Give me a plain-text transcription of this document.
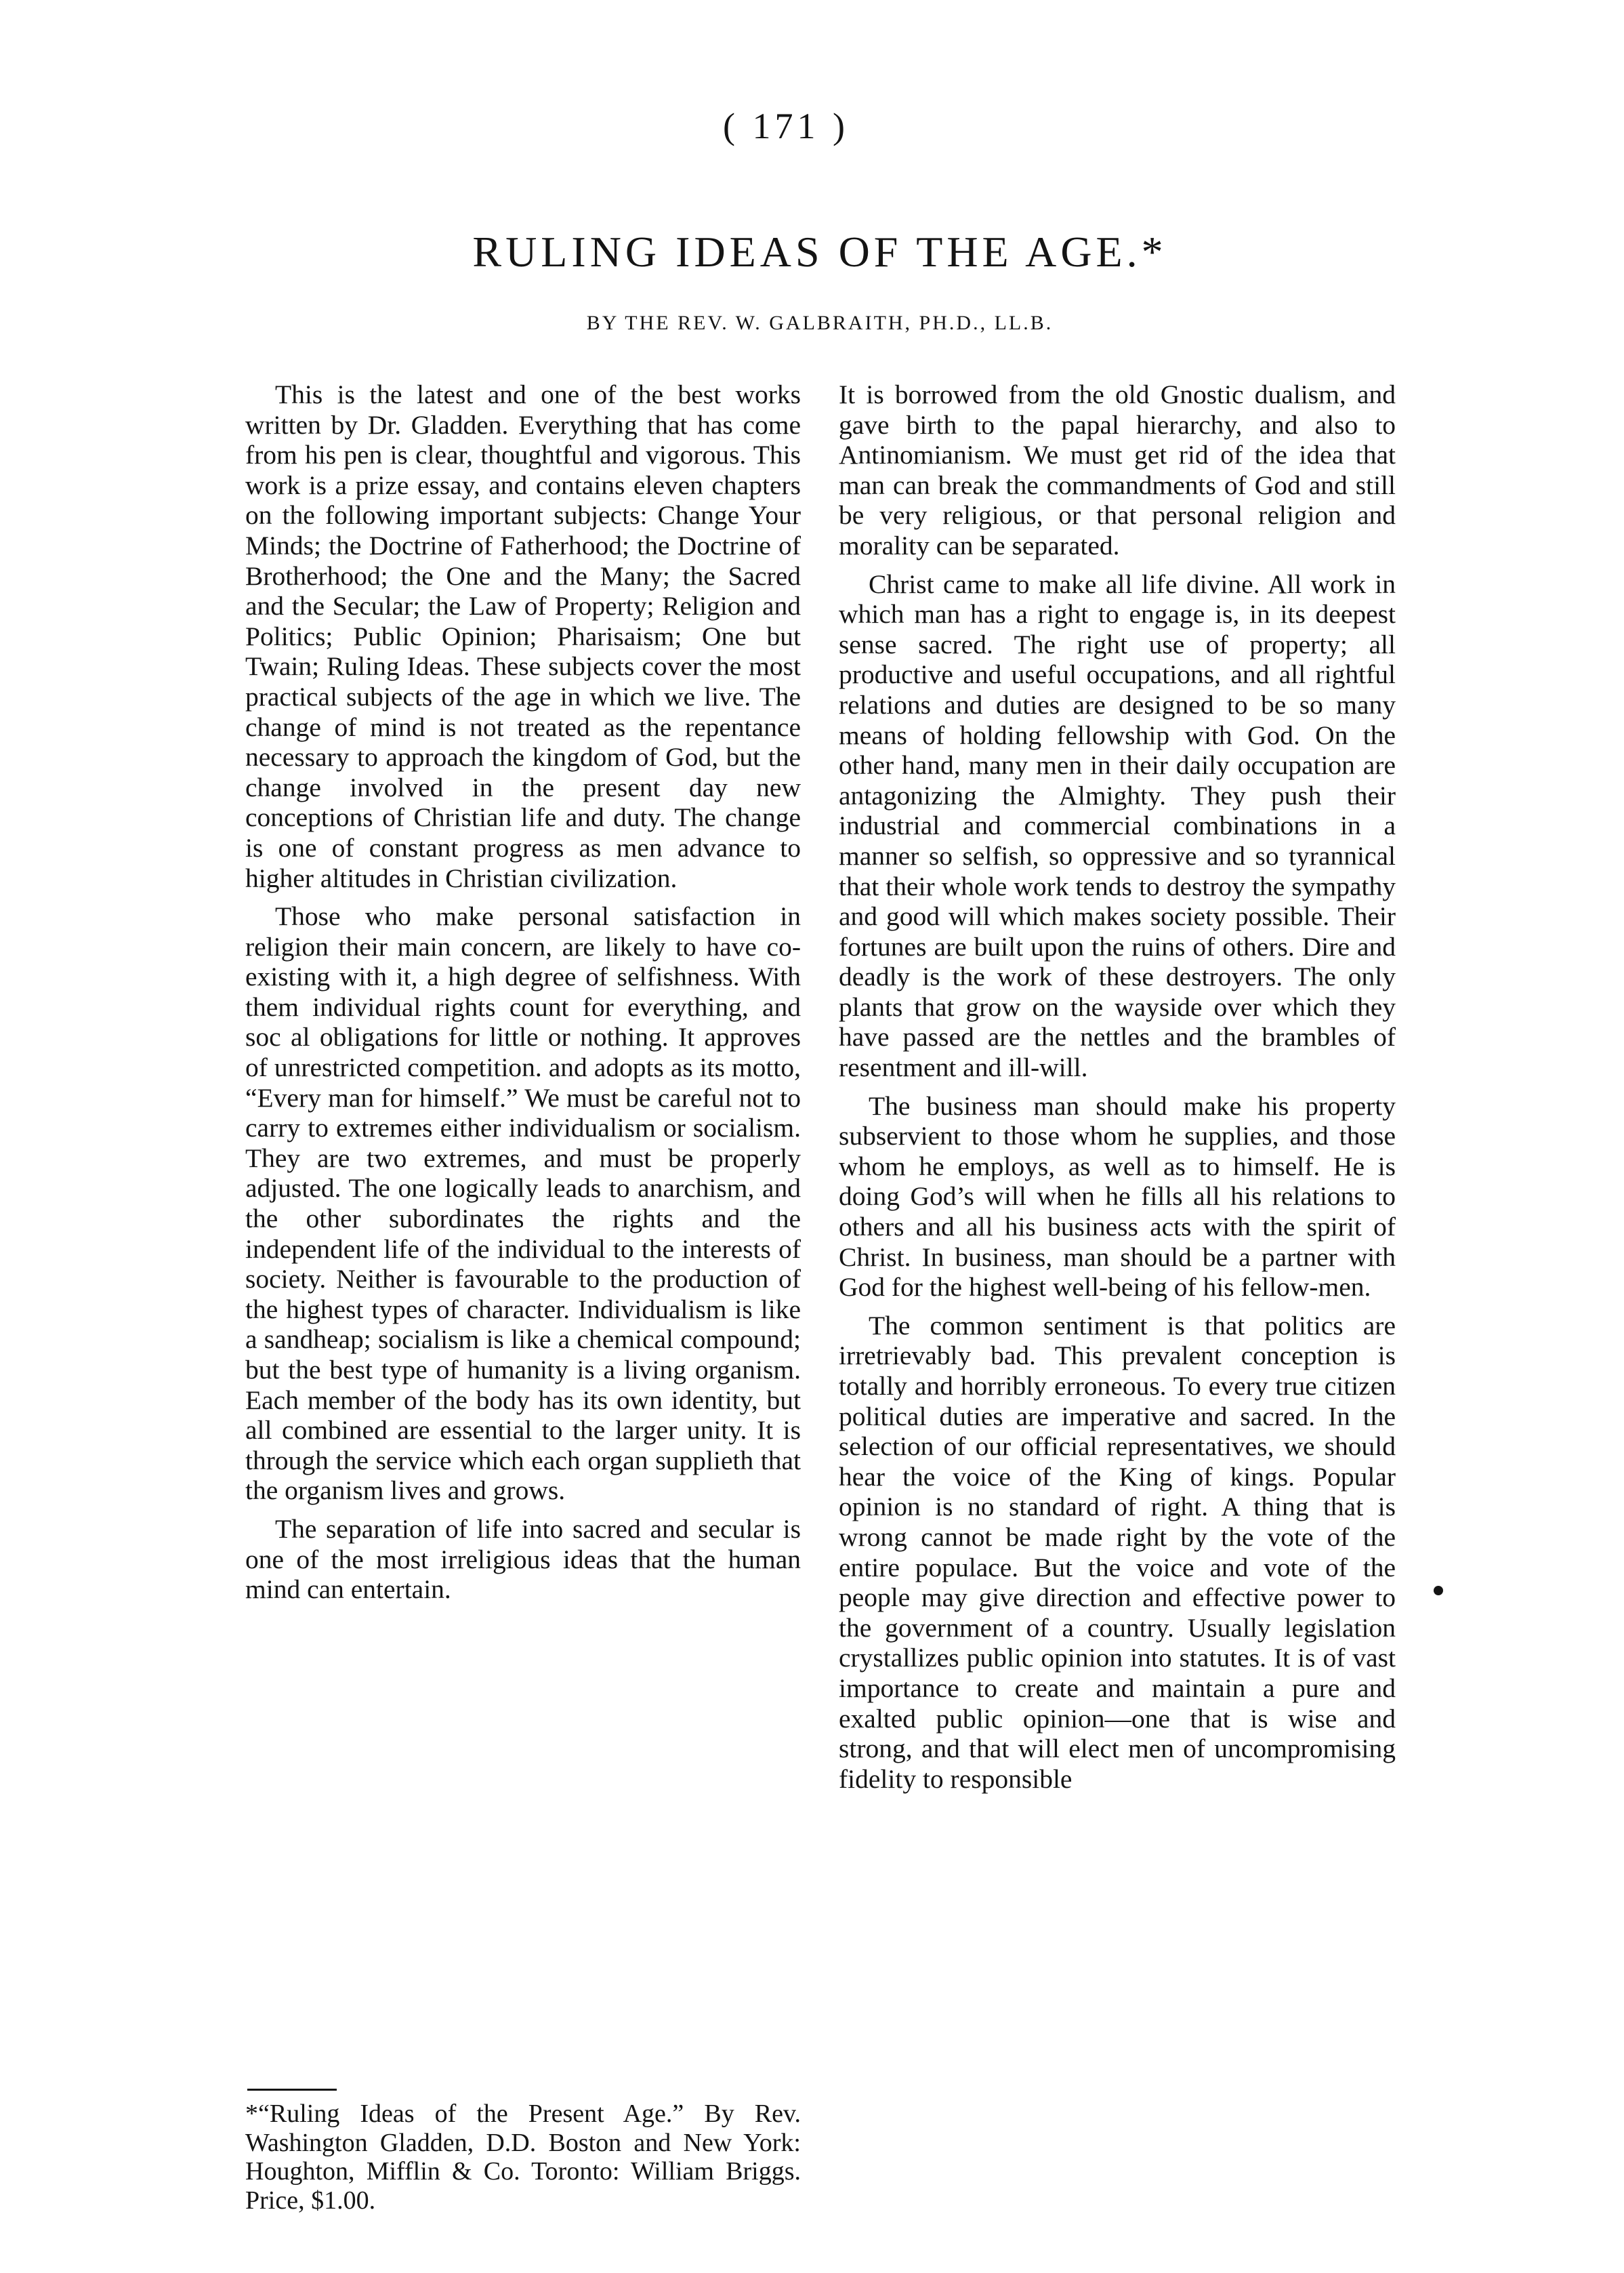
( 171 )
RULING IDEAS OF THE AGE.*
BY THE REV. W. GALBRAITH, PH.D., LL.B.

This is the latest and one of the best works written by Dr. Gladden. Everything that has come from his pen is clear, thoughtful and vigorous. This work is a prize essay, and contains eleven chapters on the following important subjects: Change Your Minds; the Doctrine of Fatherhood; the Doctrine of Brotherhood; the One and the Many; the Sacred and the Secular; the Law of Property; Religion and Politics; Public Opinion; Pharisaism; One but Twain; Ruling Ideas. These subjects cover the most practical subjects of the age in which we live. The change of mind is not treated as the repentance necessary to approach the kingdom of God, but the change involved in the present day new conceptions of Christian life and duty. The change is one of constant progress as men advance to higher altitudes in Christian civilization.

Those who make personal satisfaction in religion their main concern, are likely to have co-existing with it, a high degree of selfishness. With them individual rights count for everything, and soc al obligations for little or nothing. It approves of unrestricted competition. and adopts as its motto, “Every man for himself.” We must be careful not to carry to extremes either individualism or socialism. They are two extremes, and must be properly adjusted. The one logically leads to anarchism, and the other subordinates the rights and the independent life of the individual to the interests of society. Neither is favourable to the production of the highest types of character. Individualism is like a sandheap; socialism is like a chemical compound; but the best type of humanity is a living organism. Each member of the body has its own identity, but all combined are essential to the larger unity. It is through the service which each organ supplieth that the organism lives and grows.

The separation of life into sacred and secular is one of the most irreligious ideas that the human mind can entertain.

It is borrowed from the old Gnostic dualism, and gave birth to the papal hierarchy, and also to Antinomianism. We must get rid of the idea that man can break the commandments of God and still be very religious, or that personal religion and morality can be separated.

Christ came to make all life divine. All work in which man has a right to engage is, in its deepest sense sacred. The right use of property; all productive and useful occupations, and all rightful relations and duties are designed to be so many means of holding fellowship with God. On the other hand, many men in their daily occupation are antagonizing the Almighty. They push their industrial and commercial combinations in a manner so selfish, so oppressive and so tyrannical that their whole work tends to destroy the sympathy and good will which makes society possible. Their fortunes are built upon the ruins of others. Dire and deadly is the work of these destroyers. The only plants that grow on the wayside over which they have passed are the nettles and the brambles of resentment and ill-will.

The business man should make his property subservient to those whom he supplies, and those whom he employs, as well as to himself. He is doing God’s will when he fills all his relations to others and all his business acts with the spirit of Christ. In business, man should be a partner with God for the highest well-being of his fellow-men.

The common sentiment is that politics are irretrievably bad. This prevalent conception is totally and horribly erroneous. To every true citizen political duties are imperative and sacred. In the selection of our official representatives, we should hear the voice of the King of kings. Popular opinion is no standard of right. A thing that is wrong cannot be made right by the vote of the entire populace. But the voice and vote of the people may give direction and effective power to the government of a country. Usually legislation crystallizes public opinion into statutes. It is of vast importance to create and maintain a pure and exalted public opinion—one that is wise and strong, and that will elect men of uncompromising fidelity to responsible

*“Ruling Ideas of the Present Age.” By Rev. Washington Gladden, D.D. Boston and New York: Houghton, Mifflin & Co. Toronto: William Briggs. Price, $1.00.
